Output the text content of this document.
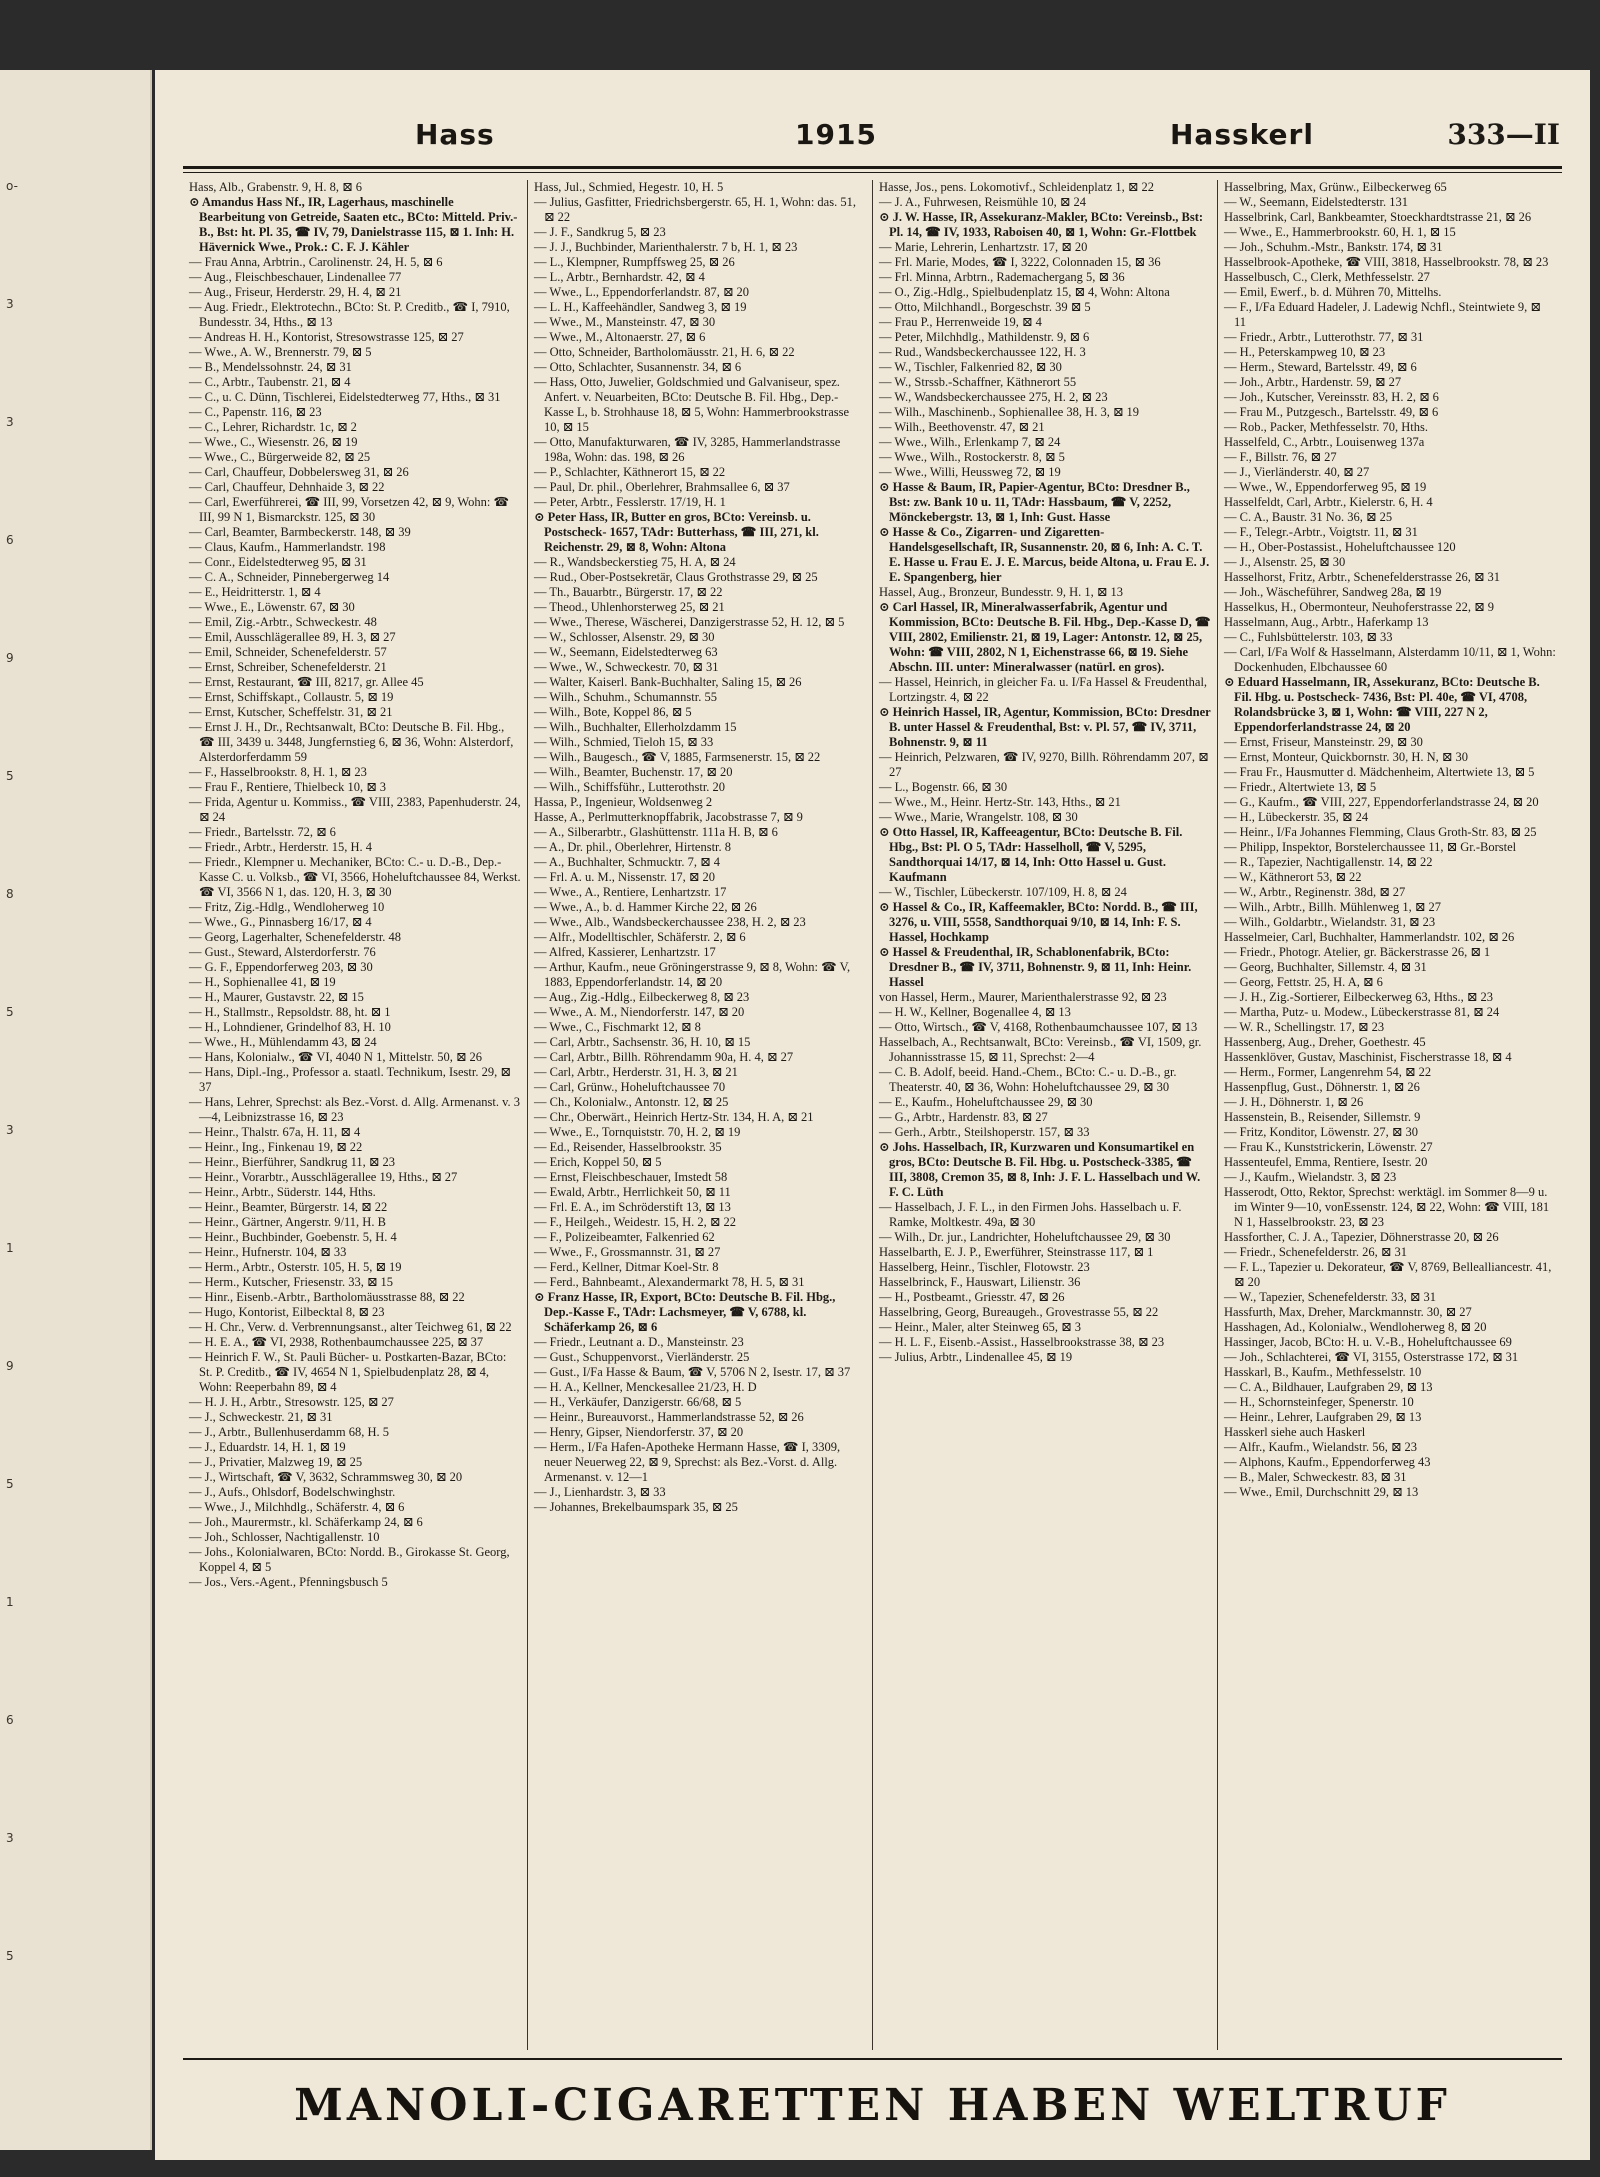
o-
3
3
6
9
5
8
5
3
1
9
5
1
6
3
5
Hass	1915	Hasskerl	333—II

Hass, Alb., Grabenstr. 9, H. 8, ⊠ 6

⊙ Amandus Hass Nf., IR, Lagerhaus, maschinelle Bearbeitung von Getreide, Saaten etc., BCto: Mitteld. Priv.-B., Bst: ht. Pl. 35, ☎ IV, 79, Danielstrasse 115, ⊠ 1. Inh: H. Hävernick Wwe., Prok.: C. F. J. Kähler

— Frau Anna, Arbtrin., Carolinenstr. 24, H. 5, ⊠ 6

— Aug., Fleischbeschauer, Lindenallee 77

— Aug., Friseur, Herderstr. 29, H. 4, ⊠ 21

— Aug. Friedr., Elektrotechn., BCto: St. P. Creditb., ☎ I, 7910, Bundesstr. 34, Hths., ⊠ 13

— Andreas H. H., Kontorist, Stresowstrasse 125, ⊠ 27

— Wwe., A. W., Brennerstr. 79, ⊠ 5

— B., Mendelssohnstr. 24, ⊠ 31

— C., Arbtr., Taubenstr. 21, ⊠ 4

— C., u. C. Dünn, Tischlerei, Eidelstedterweg 77, Hths., ⊠ 31

— C., Papenstr. 116, ⊠ 23

— C., Lehrer, Richardstr. 1c, ⊠ 2

— Wwe., C., Wiesenstr. 26, ⊠ 19

— Wwe., C., Bürgerweide 82, ⊠ 25

— Carl, Chauffeur, Dobbelersweg 31, ⊠ 26

— Carl, Chauffeur, Dehnhaide 3, ⊠ 22

— Carl, Ewerführerei, ☎ III, 99, Vorsetzen 42, ⊠ 9, Wohn: ☎ III, 99 N 1, Bismarckstr. 125, ⊠ 30

— Carl, Beamter, Barmbeckerstr. 148, ⊠ 39

— Claus, Kaufm., Hammerlandstr. 198

— Conr., Eidelstedterweg 95, ⊠ 31

— C. A., Schneider, Pinnebergerweg 14

— E., Heidritterstr. 1, ⊠ 4

— Wwe., E., Löwenstr. 67, ⊠ 30

— Emil, Zig.-Arbtr., Schweckestr. 48

— Emil, Ausschlägerallee 89, H. 3, ⊠ 27

— Emil, Schneider, Schenefelderstr. 57

— Ernst, Schreiber, Schenefelderstr. 21

— Ernst, Restaurant, ☎ III, 8217, gr. Allee 45

— Ernst, Schiffskapt., Collaustr. 5, ⊠ 19

— Ernst, Kutscher, Scheffelstr. 31, ⊠ 21

— Ernst J. H., Dr., Rechtsanwalt, BCto: Deutsche B. Fil. Hbg., ☎ III, 3439 u. 3448, Jungfernstieg 6, ⊠ 36, Wohn: Alsterdorf, Alsterdorferdamm 59

— F., Hasselbrookstr. 8, H. 1, ⊠ 23

— Frau F., Rentiere, Thielbeck 10, ⊠ 3

— Frida, Agentur u. Kommiss., ☎ VIII, 2383, Papenhuderstr. 24, ⊠ 24

— Friedr., Bartelsstr. 72, ⊠ 6

— Friedr., Arbtr., Herderstr. 15, H. 4

— Friedr., Klempner u. Mechaniker, BCto: C.- u. D.-B., Dep.-Kasse C. u. Volksb., ☎ VI, 3566, Hoheluftchaussee 84, Werkst. ☎ VI, 3566 N 1, das. 120, H. 3, ⊠ 30

— Fritz, Zig.-Hdlg., Wendloherweg 10

— Wwe., G., Pinnasberg 16/17, ⊠ 4

— Georg, Lagerhalter, Schenefelderstr. 48

— Gust., Steward, Alsterdorferstr. 76

— G. F., Eppendorferweg 203, ⊠ 30

— H., Sophienallee 41, ⊠ 19

— H., Maurer, Gustavstr. 22, ⊠ 15

— H., Stallmstr., Repsoldstr. 88, ht. ⊠ 1

— H., Lohndiener, Grindelhof 83, H. 10

— Wwe., H., Mühlendamm 43, ⊠ 24

— Hans, Kolonialw., ☎ VI, 4040 N 1, Mittelstr. 50, ⊠ 26

— Hans, Dipl.-Ing., Professor a. staatl. Technikum, Isestr. 29, ⊠ 37

— Hans, Lehrer, Sprechst: als Bez.-Vorst. d. Allg. Armenanst. v. 3—4, Leibnizstrasse 16, ⊠ 23

— Heinr., Thalstr. 67a, H. 11, ⊠ 4

— Heinr., Ing., Finkenau 19, ⊠ 22

— Heinr., Bierführer, Sandkrug 11, ⊠ 23

— Heinr., Vorarbtr., Ausschlägerallee 19, Hths., ⊠ 27

— Heinr., Arbtr., Süderstr. 144, Hths.

— Heinr., Beamter, Bürgerstr. 14, ⊠ 22

— Heinr., Gärtner, Angerstr. 9/11, H. B

— Heinr., Buchbinder, Goebenstr. 5, H. 4

— Heinr., Hufnerstr. 104, ⊠ 33

— Herm., Arbtr., Osterstr. 105, H. 5, ⊠ 19

— Herm., Kutscher, Friesenstr. 33, ⊠ 15

— Hinr., Eisenb.-Arbtr., Bartholomäusstrasse 88, ⊠ 22

— Hugo, Kontorist, Eilbecktal 8, ⊠ 23

— H. Chr., Verw. d. Verbrennungsanst., alter Teichweg 61, ⊠ 22

— H. E. A., ☎ VI, 2938, Rothenbaumchaussee 225, ⊠ 37

— Heinrich F. W., St. Pauli Bücher- u. Postkarten-Bazar, BCto: St. P. Creditb., ☎ IV, 4654 N 1, Spielbudenplatz 28, ⊠ 4, Wohn: Reeperbahn 89, ⊠ 4

— H. J. H., Arbtr., Stresowstr. 125, ⊠ 27

— J., Schweckestr. 21, ⊠ 31

— J., Arbtr., Bullenhuserdamm 68, H. 5

— J., Eduardstr. 14, H. 1, ⊠ 19

— J., Privatier, Malzweg 19, ⊠ 25

— J., Wirtschaft, ☎ V, 3632, Schrammsweg 30, ⊠ 20

— J., Aufs., Ohlsdorf, Bodelschwinghstr.

— Wwe., J., Milchhdlg., Schäferstr. 4, ⊠ 6

— Joh., Maurermstr., kl. Schäferkamp 24, ⊠ 6

— Joh., Schlosser, Nachtigallenstr. 10

— Johs., Kolonialwaren, BCto: Nordd. B., Girokasse St. Georg, Koppel 4, ⊠ 5

— Jos., Vers.-Agent., Pfenningsbusch 5

Hass, Jul., Schmied, Hegestr. 10, H. 5

— Julius, Gasfitter, Friedrichsbergerstr. 65, H. 1, Wohn: das. 51, ⊠ 22

— J. F., Sandkrug 5, ⊠ 23

— J. J., Buchbinder, Marienthalerstr. 7 b, H. 1, ⊠ 23

— L., Klempner, Rumpffsweg 25, ⊠ 26

— L., Arbtr., Bernhardstr. 42, ⊠ 4

— Wwe., L., Eppendorferlandstr. 87, ⊠ 20

— L. H., Kaffeehändler, Sandweg 3, ⊠ 19

— Wwe., M., Mansteinstr. 47, ⊠ 30

— Wwe., M., Altonaerstr. 27, ⊠ 6

— Otto, Schneider, Bartholomäusstr. 21, H. 6, ⊠ 22

— Otto, Schlachter, Susannenstr. 34, ⊠ 6

— Hass, Otto, Juwelier, Goldschmied und Galvaniseur, spez. Anfert. v. Neuarbeiten, BCto: Deutsche B. Fil. Hbg., Dep.-Kasse L, b. Strohhause 18, ⊠ 5, Wohn: Hammerbrookstrasse 10, ⊠ 15

— Otto, Manufakturwaren, ☎ IV, 3285, Hammerlandstrasse 198a, Wohn: das. 198, ⊠ 26

— P., Schlachter, Käthnerort 15, ⊠ 22

— Paul, Dr. phil., Oberlehrer, Brahmsallee 6, ⊠ 37

— Peter, Arbtr., Fesslerstr. 17/19, H. 1

⊙ Peter Hass, IR, Butter en gros, BCto: Vereinsb. u. Postscheck- 1657, TAdr: Butterhass, ☎ III, 271, kl. Reichenstr. 29, ⊠ 8, Wohn: Altona

— R., Wandsbeckerstieg 75, H. A, ⊠ 24

— Rud., Ober-Postsekretär, Claus Grothstrasse 29, ⊠ 25

— Th., Bauarbtr., Bürgerstr. 17, ⊠ 22

— Theod., Uhlenhorsterweg 25, ⊠ 21

— Wwe., Therese, Wäscherei, Danzigerstrasse 52, H. 12, ⊠ 5

— W., Schlosser, Alsenstr. 29, ⊠ 30

— W., Seemann, Eidelstedterweg 63

— Wwe., W., Schweckestr. 70, ⊠ 31

— Walter, Kaiserl. Bank-Buchhalter, Saling 15, ⊠ 26

— Wilh., Schuhm., Schumannstr. 55

— Wilh., Bote, Koppel 86, ⊠ 5

— Wilh., Buchhalter, Ellerholzdamm 15

— Wilh., Schmied, Tieloh 15, ⊠ 33

— Wilh., Baugesch., ☎ V, 1885, Farmsenerstr. 15, ⊠ 22

— Wilh., Beamter, Buchenstr. 17, ⊠ 20

— Wilh., Schiffsführ., Lutterothstr. 20

Hassa, P., Ingenieur, Woldsenweg 2

Hasse, A., Perlmutterknopffabrik, Jacobstrasse 7, ⊠ 9

— A., Silberarbtr., Glashüttenstr. 111a H. B, ⊠ 6

— A., Dr. phil., Oberlehrer, Hirtenstr. 8

— A., Buchhalter, Schmucktr. 7, ⊠ 4

— Frl. A. u. M., Nissenstr. 17, ⊠ 20

— Wwe., A., Rentiere, Lenhartzstr. 17

— Wwe., A., b. d. Hammer Kirche 22, ⊠ 26

— Wwe., Alb., Wandsbeckerchaussee 238, H. 2, ⊠ 23

— Alfr., Modelltischler, Schäferstr. 2, ⊠ 6

— Alfred, Kassierer, Lenhartzstr. 17

— Arthur, Kaufm., neue Gröningerstrasse 9, ⊠ 8, Wohn: ☎ V, 1883, Eppendorferlandstr. 14, ⊠ 20

— Aug., Zig.-Hdlg., Eilbeckerweg 8, ⊠ 23

— Wwe., A. M., Niendorferstr. 147, ⊠ 20

— Wwe., C., Fischmarkt 12, ⊠ 8

— Carl, Arbtr., Sachsenstr. 36, H. 10, ⊠ 15

— Carl, Arbtr., Billh. Röhrendamm 90a, H. 4, ⊠ 27

— Carl, Arbtr., Herderstr. 31, H. 3, ⊠ 21

— Carl, Grünw., Hoheluftchaussee 70

— Ch., Kolonialw., Antonstr. 12, ⊠ 25

— Chr., Oberwärt., Heinrich Hertz-Str. 134, H. A, ⊠ 21

— Wwe., E., Tornquiststr. 70, H. 2, ⊠ 19

— Ed., Reisender, Hasselbrookstr. 35

— Erich, Koppel 50, ⊠ 5

— Ernst, Fleischbeschauer, Imstedt 58

— Ewald, Arbtr., Herrlichkeit 50, ⊠ 11

— Frl. E. A., im Schröderstift 13, ⊠ 13

— F., Heilgeh., Weidestr. 15, H. 2, ⊠ 22

— F., Polizeibeamter, Falkenried 62

— Wwe., F., Grossmannstr. 31, ⊠ 27

— Ferd., Kellner, Ditmar Koel-Str. 8

— Ferd., Bahnbeamt., Alexandermarkt 78, H. 5, ⊠ 31

⊙ Franz Hasse, IR, Export, BCto: Deutsche B. Fil. Hbg., Dep.-Kasse F., TAdr: Lachsmeyer, ☎ V, 6788, kl. Schäferkamp 26, ⊠ 6

— Friedr., Leutnant a. D., Mansteinstr. 23

— Gust., Schuppenvorst., Vierländerstr. 25

— Gust., I/Fa Hasse & Baum, ☎ V, 5706 N 2, Isestr. 17, ⊠ 37

— H. A., Kellner, Menckesallee 21/23, H. D

— H., Verkäufer, Danzigerstr. 66/68, ⊠ 5

— Heinr., Bureauvorst., Hammerlandstrasse 52, ⊠ 26

— Henry, Gipser, Niendorferstr. 37, ⊠ 20

— Herm., I/Fa Hafen-Apotheke Hermann Hasse, ☎ I, 3309, neuer Neuerweg 22, ⊠ 9, Sprechst: als Bez.-Vorst. d. Allg. Armenanst. v. 12—1

— J., Lienhardstr. 3, ⊠ 33

— Johannes, Brekelbaumspark 35, ⊠ 25

Hasse, Jos., pens. Lokomotivf., Schleidenplatz 1, ⊠ 22

— J. A., Fuhrwesen, Reismühle 10, ⊠ 24

⊙ J. W. Hasse, IR, Assekuranz-Makler, BCto: Vereinsb., Bst: Pl. 14, ☎ IV, 1933, Raboisen 40, ⊠ 1, Wohn: Gr.-Flottbek

— Marie, Lehrerin, Lenhartzstr. 17, ⊠ 20

— Frl. Marie, Modes, ☎ I, 3222, Colonnaden 15, ⊠ 36

— Frl. Minna, Arbtrn., Rademachergang 5, ⊠ 36

— O., Zig.-Hdlg., Spielbudenplatz 15, ⊠ 4, Wohn: Altona

— Otto, Milchhandl., Borgeschstr. 39 ⊠ 5

— Frau P., Herrenweide 19, ⊠ 4

— Peter, Milchhdlg., Mathildenstr. 9, ⊠ 6

— Rud., Wandsbeckerchaussee 122, H. 3

— W., Tischler, Falkenried 82, ⊠ 30

— W., Strssb.-Schaffner, Käthnerort 55

— W., Wandsbeckerchaussee 275, H. 2, ⊠ 23

— Wilh., Maschinenb., Sophienallee 38, H. 3, ⊠ 19

— Wilh., Beethovenstr. 47, ⊠ 21

— Wwe., Wilh., Erlenkamp 7, ⊠ 24

— Wwe., Wilh., Rostockerstr. 8, ⊠ 5

— Wwe., Willi, Heussweg 72, ⊠ 19

⊙ Hasse & Baum, IR, Papier-Agentur, BCto: Dresdner B., Bst: zw. Bank 10 u. 11, TAdr: Hassbaum, ☎ V, 2252, Mönckebergstr. 13, ⊠ 1, Inh: Gust. Hasse

⊙ Hasse & Co., Zigarren- und Zigaretten-Handelsgesellschaft, IR, Susannenstr. 20, ⊠ 6, Inh: A. C. T. E. Hasse u. Frau E. J. E. Marcus, beide Altona, u. Frau E. J. E. Spangenberg, hier

Hassel, Aug., Bronzeur, Bundesstr. 9, H. 1, ⊠ 13

⊙ Carl Hassel, IR, Mineralwasserfabrik, Agentur und Kommission, BCto: Deutsche B. Fil. Hbg., Dep.-Kasse D, ☎ VIII, 2802, Emilienstr. 21, ⊠ 19, Lager: Antonstr. 12, ⊠ 25, Wohn: ☎ VIII, 2802, N 1, Eichenstrasse 66, ⊠ 19. Siehe Abschn. III. unter: Mineralwasser (natürl. en gros).

— Hassel, Heinrich, in gleicher Fa. u. I/Fa Hassel & Freudenthal, Lortzingstr. 4, ⊠ 22

⊙ Heinrich Hassel, IR, Agentur, Kommission, BCto: Dresdner B. unter Hassel & Freudenthal, Bst: v. Pl. 57, ☎ IV, 3711, Bohnenstr. 9, ⊠ 11

— Heinrich, Pelzwaren, ☎ IV, 9270, Billh. Röhrendamm 207, ⊠ 27

— L., Bogenstr. 66, ⊠ 30

— Wwe., M., Heinr. Hertz-Str. 143, Hths., ⊠ 21

— Wwe., Marie, Wrangelstr. 108, ⊠ 30

⊙ Otto Hassel, IR, Kaffeeagentur, BCto: Deutsche B. Fil. Hbg., Bst: Pl. O 5, TAdr: Hasselholl, ☎ V, 5295, Sandthorquai 14/17, ⊠ 14, Inh: Otto Hassel u. Gust. Kaufmann

— W., Tischler, Lübeckerstr. 107/109, H. 8, ⊠ 24

⊙ Hassel & Co., IR, Kaffeemakler, BCto: Nordd. B., ☎ III, 3276, u. VIII, 5558, Sandthorquai 9/10, ⊠ 14, Inh: F. S. Hassel, Hochkamp

⊙ Hassel & Freudenthal, IR, Schablonenfabrik, BCto: Dresdner B., ☎ IV, 3711, Bohnenstr. 9, ⊠ 11, Inh: Heinr. Hassel

von Hassel, Herm., Maurer, Marienthalerstrasse 92, ⊠ 23

— H. W., Kellner, Bogenallee 4, ⊠ 13

— Otto, Wirtsch., ☎ V, 4168, Rothenbaumchaussee 107, ⊠ 13

Hasselbach, A., Rechtsanwalt, BCto: Vereinsb., ☎ VI, 1509, gr. Johannisstrasse 15, ⊠ 11, Sprechst: 2—4

— C. B. Adolf, beeid. Hand.-Chem., BCto: C.- u. D.-B., gr. Theaterstr. 40, ⊠ 36, Wohn: Hoheluftchaussee 29, ⊠ 30

— E., Kaufm., Hoheluftchaussee 29, ⊠ 30

— G., Arbtr., Hardenstr. 83, ⊠ 27

— Gerh., Arbtr., Steilshoperstr. 157, ⊠ 33

⊙ Johs. Hasselbach, IR, Kurzwaren und Konsumartikel en gros, BCto: Deutsche B. Fil. Hbg. u. Postscheck-3385, ☎ III, 3808, Cremon 35, ⊠ 8, Inh: J. F. L. Hasselbach und W. F. C. Lüth

— Hasselbach, J. F. L., in den Firmen Johs. Hasselbach u. F. Ramke, Moltkestr. 49a, ⊠ 30

— Wilh., Dr. jur., Landrichter, Hoheluftchaussee 29, ⊠ 30

Hasselbarth, E. J. P., Ewerführer, Steinstrasse 117, ⊠ 1

Hasselberg, Heinr., Tischler, Flotowstr. 23

Hasselbrinck, F., Hauswart, Lilienstr. 36

— H., Postbeamt., Griesstr. 47, ⊠ 26

Hasselbring, Georg, Bureaugeh., Grovestrasse 55, ⊠ 22

— Heinr., Maler, alter Steinweg 65, ⊠ 3

— H. L. F., Eisenb.-Assist., Hasselbrookstrasse 38, ⊠ 23

— Julius, Arbtr., Lindenallee 45, ⊠ 19

Hasselbring, Max, Grünw., Eilbeckerweg 65

— W., Seemann, Eidelstedterstr. 131

Hasselbrink, Carl, Bankbeamter, Stoeckhardtstrasse 21, ⊠ 26

— Wwe., E., Hammerbrookstr. 60, H. 1, ⊠ 15

— Joh., Schuhm.-Mstr., Bankstr. 174, ⊠ 31

Hasselbrook-Apotheke, ☎ VIII, 3818, Hasselbrookstr. 78, ⊠ 23

Hasselbusch, C., Clerk, Methfesselstr. 27

— Emil, Ewerf., b. d. Mühren 70, Mittelhs.

— F., I/Fa Eduard Hadeler, J. Ladewig Nchfl., Steintwiete 9, ⊠ 11

— Friedr., Arbtr., Lutterothstr. 77, ⊠ 31

— H., Peterskampweg 10, ⊠ 23

— Herm., Steward, Bartelsstr. 49, ⊠ 6

— Joh., Arbtr., Hardenstr. 59, ⊠ 27

— Joh., Kutscher, Vereinsstr. 83, H. 2, ⊠ 6

— Frau M., Putzgesch., Bartelsstr. 49, ⊠ 6

— Rob., Packer, Methfesselstr. 70, Hths.

Hasselfeld, C., Arbtr., Louisenweg 137a

— F., Billstr. 76, ⊠ 27

— J., Vierländerstr. 40, ⊠ 27

— Wwe., W., Eppendorferweg 95, ⊠ 19

Hasselfeldt, Carl, Arbtr., Kielerstr. 6, H. 4

— C. A., Baustr. 31 No. 36, ⊠ 25

— F., Telegr.-Arbtr., Voigtstr. 11, ⊠ 31

— H., Ober-Postassist., Hoheluftchaussee 120

— J., Alsenstr. 25, ⊠ 30

Hasselhorst, Fritz, Arbtr., Schenefelderstrasse 26, ⊠ 31

— Joh., Wäscheführer, Sandweg 28a, ⊠ 19

Hasselkus, H., Obermonteur, Neuhoferstrasse 22, ⊠ 9

Hasselmann, Aug., Arbtr., Haferkamp 13

— C., Fuhlsbüttelerstr. 103, ⊠ 33

— Carl, I/Fa Wolf & Hasselmann, Alsterdamm 10/11, ⊠ 1, Wohn: Dockenhuden, Elbchaussee 60

⊙ Eduard Hasselmann, IR, Assekuranz, BCto: Deutsche B. Fil. Hbg. u. Postscheck- 7436, Bst: Pl. 40e, ☎ VI, 4708, Rolandsbrücke 3, ⊠ 1, Wohn: ☎ VIII, 227 N 2, Eppendorferlandstrasse 24, ⊠ 20

— Ernst, Friseur, Mansteinstr. 29, ⊠ 30

— Ernst, Monteur, Quickbornstr. 30, H. N, ⊠ 30

— Frau Fr., Hausmutter d. Mädchenheim, Altertwiete 13, ⊠ 5

— Friedr., Altertwiete 13, ⊠ 5

— G., Kaufm., ☎ VIII, 227, Eppendorferlandstrasse 24, ⊠ 20

— H., Lübeckerstr. 35, ⊠ 24

— Heinr., I/Fa Johannes Flemming, Claus Groth-Str. 83, ⊠ 25

— Philipp, Inspektor, Borstelerchaussee 11, ⊠ Gr.-Borstel

— R., Tapezier, Nachtigallenstr. 14, ⊠ 22

— W., Käthnerort 53, ⊠ 22

— W., Arbtr., Reginenstr. 38d, ⊠ 27

— Wilh., Arbtr., Billh. Mühlenweg 1, ⊠ 27

— Wilh., Goldarbtr., Wielandstr. 31, ⊠ 23

Hasselmeier, Carl, Buchhalter, Hammerlandstr. 102, ⊠ 26

— Friedr., Photogr. Atelier, gr. Bäckerstrasse 26, ⊠ 1

— Georg, Buchhalter, Sillemstr. 4, ⊠ 31

— Georg, Fettstr. 25, H. A, ⊠ 6

— J. H., Zig.-Sortierer, Eilbeckerweg 63, Hths., ⊠ 23

— Martha, Putz- u. Modew., Lübeckerstrasse 81, ⊠ 24

— W. R., Schellingstr. 17, ⊠ 23

Hassenberg, Aug., Dreher, Goethestr. 45

Hassenklöver, Gustav, Maschinist, Fischerstrasse 18, ⊠ 4

— Herm., Former, Langenrehm 54, ⊠ 22

Hassenpflug, Gust., Döhnerstr. 1, ⊠ 26

— J. H., Döhnerstr. 1, ⊠ 26

Hassenstein, B., Reisender, Sillemstr. 9

— Fritz, Konditor, Löwenstr. 27, ⊠ 30

— Frau K., Kunststrickerin, Löwenstr. 27

Hassenteufel, Emma, Rentiere, Isestr. 20

— J., Kaufm., Wielandstr. 3, ⊠ 23

Hasserodt, Otto, Rektor, Sprechst: werktägl. im Sommer 8—9 u. im Winter 9—10, vonEssenstr. 124, ⊠ 22, Wohn: ☎ VIII, 181 N 1, Hasselbrookstr. 23, ⊠ 23

Hassforther, C. J. A., Tapezier, Döhnerstrasse 20, ⊠ 26

— Friedr., Schenefelderstr. 26, ⊠ 31

— F. L., Tapezier u. Dekorateur, ☎ V, 8769, Bellealliancestr. 41, ⊠ 20

— W., Tapezier, Schenefelderstr. 33, ⊠ 31

Hassfurth, Max, Dreher, Marckmannstr. 30, ⊠ 27

Hasshagen, Ad., Kolonialw., Wendloherweg 8, ⊠ 20

Hassinger, Jacob, BCto: H. u. V.-B., Hoheluftchaussee 69

— Joh., Schlachterei, ☎ VI, 3155, Osterstrasse 172, ⊠ 31

Hasskarl, B., Kaufm., Methfesselstr. 10

— C. A., Bildhauer, Laufgraben 29, ⊠ 13

— H., Schornsteinfeger, Spenerstr. 10

— Heinr., Lehrer, Laufgraben 29, ⊠ 13

Hasskerl siehe auch Haskerl

— Alfr., Kaufm., Wielandstr. 56, ⊠ 23

— Alphons, Kaufm., Eppendorferweg 43

— B., Maler, Schweckestr. 83, ⊠ 31

— Wwe., Emil, Durchschnitt 29, ⊠ 13

MANOLI-CIGARETTEN HABEN WELTRUF
